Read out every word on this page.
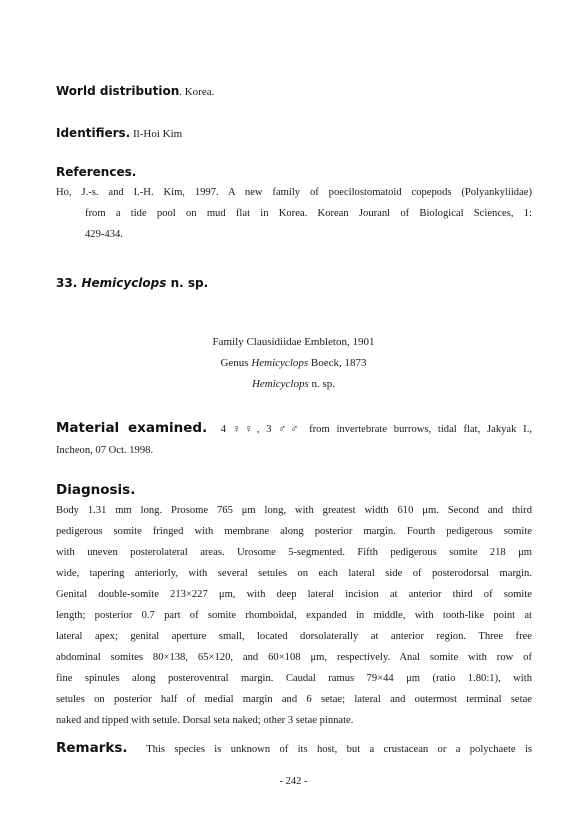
World distribution. Korea.
Identifiers. Il-Hoi Kim
References.
Ho, J.-s. and I.-H. Kim, 1997. A new family of poecilostomatoid copepods (Polyankyliidae)
from a tide pool on mud flat in Korea. Korean Jouranl of Biological Sciences, 1:
429-434.
33. Hemicyclops n. sp.
Family Clausidiidae Embleton, 1901
Genus Hemicyclops Boeck, 1873
Hemicyclops n. sp.
Material examined. 4 ♀♀, 3 ♂♂ from invertebrate burrows, tidal flat, Jakyak I.,
Incheon, 07 Oct. 1998.
Diagnosis.
Body 1.31 mm long. Prosome 765 μm long, with greatest width 610 μm. Second and third
pedigerous somite fringed with membrane along posterior margin. Fourth pedigerous somite
with uneven posterolateral areas. Urosome 5-segmented. Fifth pedigerous somite 218 μm
wide, tapering anteriorly, with several setules on each lateral side of posterodorsal margin.
Genital double-somite 213×227 μm, with deep lateral incision at anterior third of somite
length; posterior 0.7 part of somite rhomboidal, expanded in middle, with tooth-like point at
lateral apex; genital aperture small, located dorsolaterally at anterior region. Three free
abdominal somites 80×138, 65×120, and 60×108 μm, respectively. Anal somite with row of
fine spinules along posteroventral margin. Caudal ramus 79×44 μm (ratio 1.80:1), with
setules on posterior half of medial margin and 6 setae; lateral and outermost terminal setae
naked and tipped with setule. Dorsal seta naked; other 3 setae pinnate.
Remarks. This species is unknown of its host, but a crustacean or a polychaete is
- 242 -
